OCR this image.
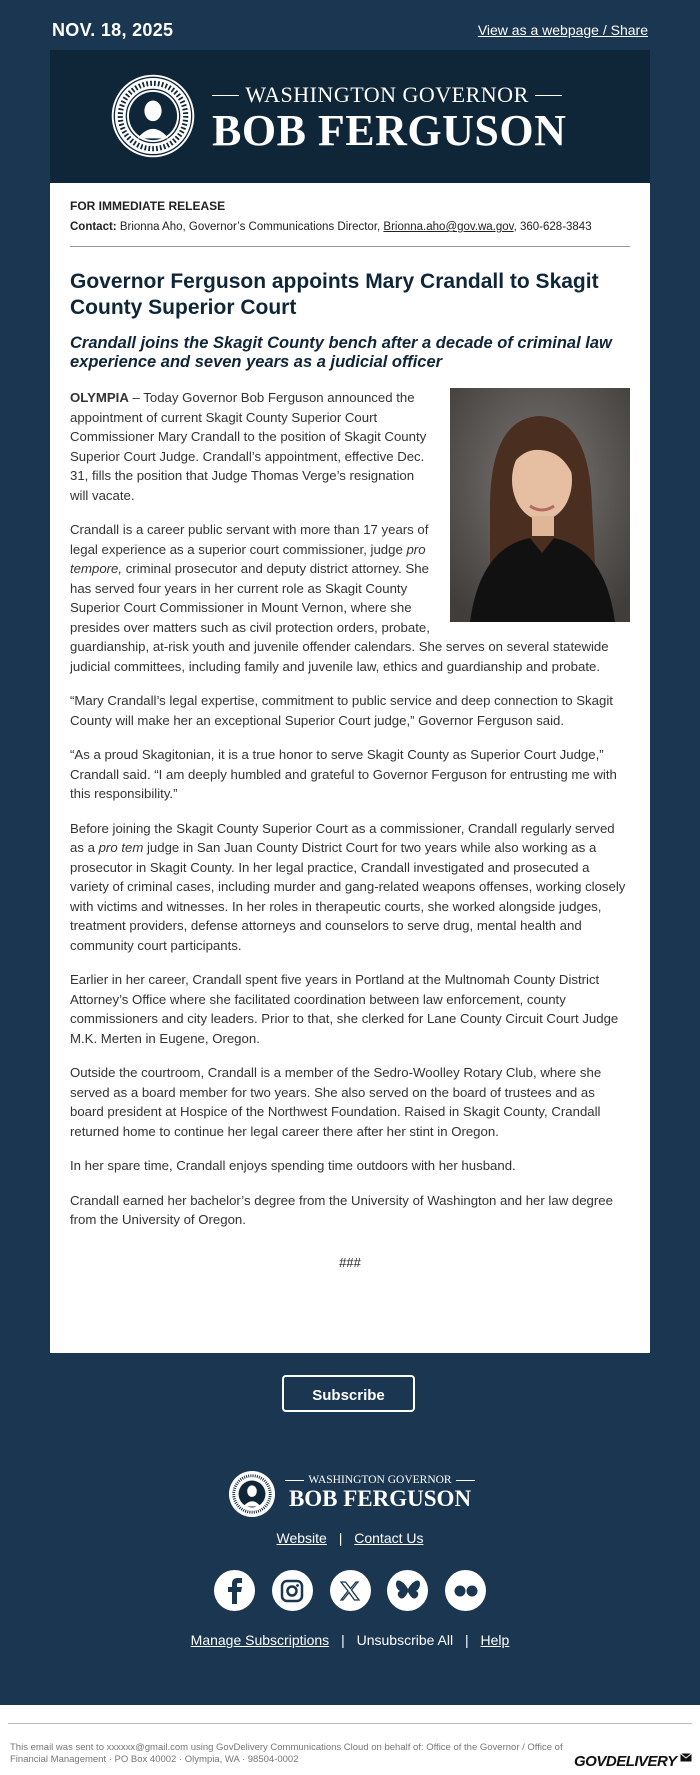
NOV. 18, 2025	View as a webpage / Share
WASHINGTON GOVERNOR
BOB FERGUSON
FOR IMMEDIATE RELEASE
Contact: Brionna Aho, Governor’s Communications Director, Brionna.aho@gov.wa.gov, 360-628-3843
Governor Ferguson appoints Mary Crandall to Skagit County Superior Court
Crandall joins the Skagit County bench after a decade of criminal law experience and seven years as a judicial officer

OLYMPIA – Today Governor Bob Ferguson announced the appointment of current Skagit County Superior Court Commissioner Mary Crandall to the position of Skagit County Superior Court Judge. Crandall’s appointment, effective Dec. 31, fills the position that Judge Thomas Verge’s resignation will vacate.

Crandall is a career public servant with more than 17 years of legal experience as a superior court commissioner, judge pro tempore, criminal prosecutor and deputy district attorney. She has served four years in her current role as Skagit County Superior Court Commissioner in Mount Vernon, where she presides over matters such as civil protection orders, probate, guardianship, at-risk youth and juvenile offender calendars. She serves on several statewide judicial committees, including family and juvenile law, ethics and guardianship and probate.

“Mary Crandall’s legal expertise, commitment to public service and deep connection to Skagit County will make her an exceptional Superior Court judge,” Governor Ferguson said.

“As a proud Skagitonian, it is a true honor to serve Skagit County as Superior Court Judge,” Crandall said. “I am deeply humbled and grateful to Governor Ferguson for entrusting me with this responsibility.”

Before joining the Skagit County Superior Court as a commissioner, Crandall regularly served as a pro tem judge in San Juan County District Court for two years while also working as a prosecutor in Skagit County. In her legal practice, Crandall investigated and prosecuted a variety of criminal cases, including murder and gang-related weapons offenses, working closely with victims and witnesses. In her roles in therapeutic courts, she worked alongside judges, treatment providers, defense attorneys and counselors to serve drug, mental health and community court participants.

Earlier in her career, Crandall spent five years in Portland at the Multnomah County District Attorney’s Office where she facilitated coordination between law enforcement, county commissioners and city leaders. Prior to that, she clerked for Lane County Circuit Court Judge M.K. Merten in Eugene, Oregon.

Outside the courtroom, Crandall is a member of the Sedro-Woolley Rotary Club, where she served as a board member for two years. She also served on the board of trustees and as board president at Hospice of the Northwest Foundation. Raised in Skagit County, Crandall returned home to continue her legal career there after her stint in Oregon.

In her spare time, Crandall enjoys spending time outdoors with her husband.

Crandall earned her bachelor’s degree from the University of Washington and her law degree from the University of Oregon.

###
Subscribe
WASHINGTON GOVERNOR
BOB FERGUSON
Website | Contact Us
Manage Subscriptions | Unsubscribe All | Help
This email was sent to xxxxxx@gmail.com using GovDelivery Communications Cloud on behalf of: Office of the Governor / Office of Financial Management · PO Box 40002 · Olympia, WA · 98504-0002	GOVDELIVERY
